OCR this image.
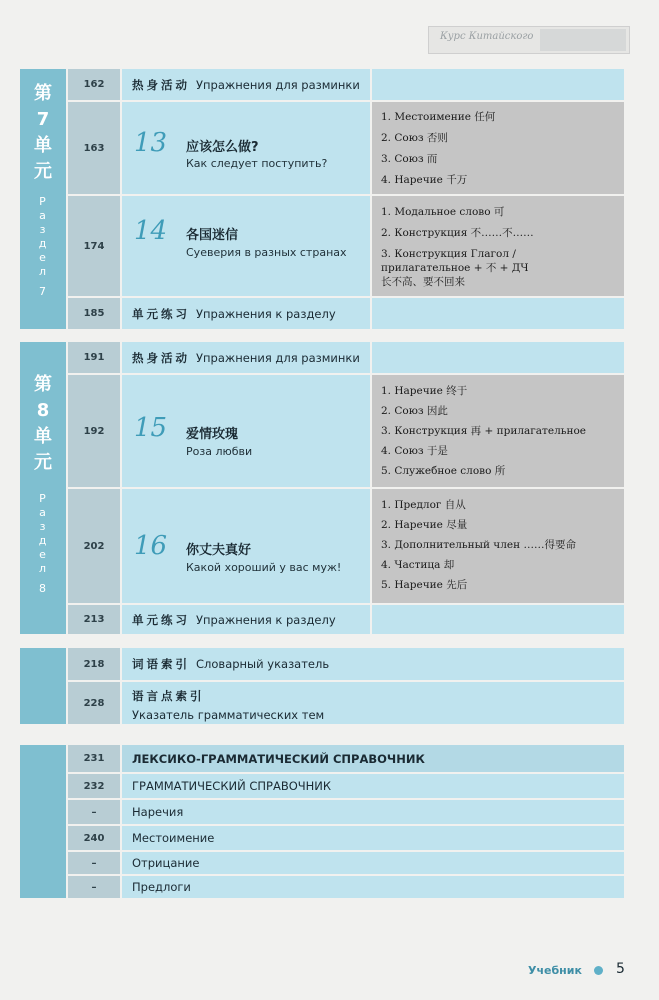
Курс Китайского
第
7
单
元
Р
а
з
д
е
л
7
162	热身活动 Упражнения для разминки
163	13 应该怎么做?
Как следует поступить?
1. Местоимение 任何
2. Союз 否则
3. Союз 而
4. Наречие 千万
174	14 各国迷信
Суеверия в разных странах
1. Модальное слово 可
2. Конструкция 不……不……
3. Конструкция Глагол /
прилагательное + 不 + ДЧ
长不高、要不回来
185	单元练习 Упражнения к разделу
第
8
单
元
Р
а
з
д
е
л
8
191	热身活动 Упражнения для разминки
192	15 爱情玫瑰
Роза любви
1. Наречие 终于
2. Союз 因此
3. Конструкция 再 + прилагательное
4. Союз 于是
5. Служебное слово 所
202	16 你丈夫真好
Какой хороший у вас муж!
1. Предлог 自从
2. Наречие 尽量
3. Дополнительный член ……得要命
4. Частица 却
5. Наречие 先后
213	单元练习 Упражнения к разделу
218	词语索引 Словарный указатель
228	语言点索引
Указатель грамматических тем
231	ЛЕКСИКО-ГРАММАТИЧЕСКИЙ СПРАВОЧНИК
232	ГРАММАТИЧЕСКИЙ СПРАВОЧНИК
–	Наречия
240	Местоимение
–	Отрицание
–	Предлоги
Учебник 5
